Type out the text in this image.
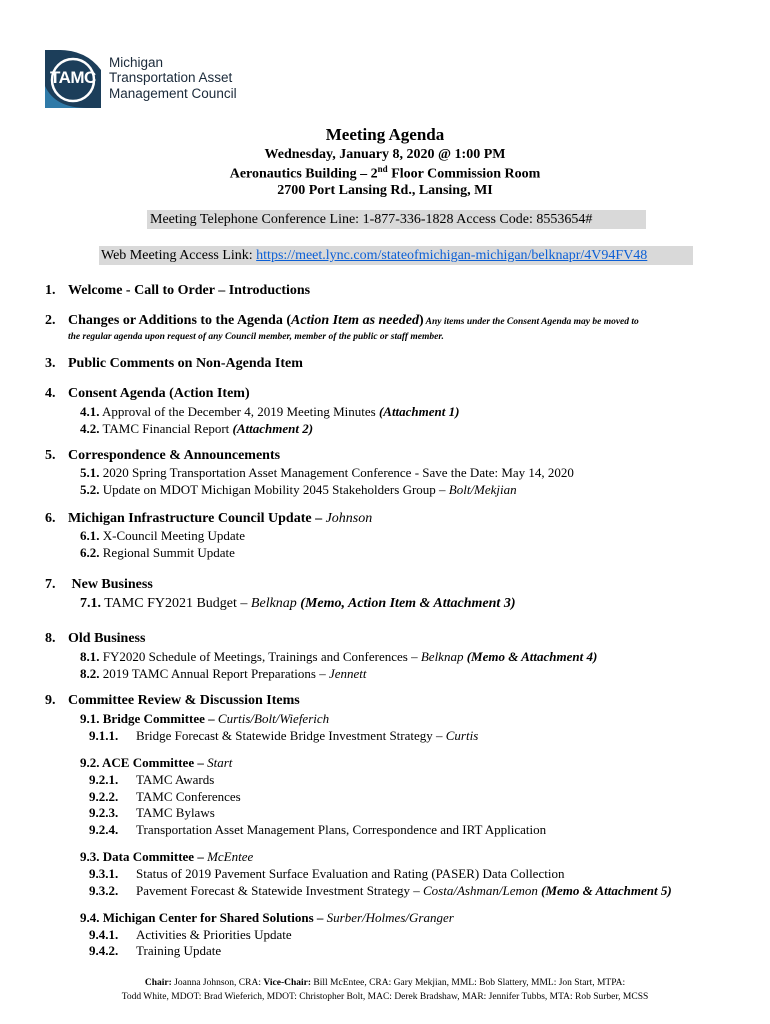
TAMC
Michigan
Transportation Asset
Management Council
Meeting Agenda
Wednesday, January 8, 2020 @ 1:00 PM
Aeronautics Building – 2nd Floor Commission Room
2700 Port Lansing Rd., Lansing, MI
Meeting Telephone Conference Line: 1-877-336-1828 Access Code: 8553654#
Web Meeting Access Link: https://meet.lync.com/stateofmichigan-michigan/belknapr/4V94FV48
1. Welcome - Call to Order – Introductions
2. Changes or Additions to the Agenda (Action Item as needed) Any items under the Consent Agenda may be moved to
the regular agenda upon request of any Council member, member of the public or staff member.
3. Public Comments on Non-Agenda Item
4. Consent Agenda (Action Item)
4.1. Approval of the December 4, 2019 Meeting Minutes (Attachment 1)
4.2. TAMC Financial Report (Attachment 2)
5. Correspondence & Announcements
5.1. 2020 Spring Transportation Asset Management Conference - Save the Date: May 14, 2020
5.2. Update on MDOT Michigan Mobility 2045 Stakeholders Group – Bolt/Mekjian
6. Michigan Infrastructure Council Update – Johnson
6.1. X-Council Meeting Update
6.2. Regional Summit Update
7. New Business
7.1. TAMC FY2021 Budget – Belknap (Memo, Action Item & Attachment 3)
8. Old Business
8.1. FY2020 Schedule of Meetings, Trainings and Conferences – Belknap (Memo & Attachment 4)
8.2. 2019 TAMC Annual Report Preparations – Jennett
9. Committee Review & Discussion Items
9.1. Bridge Committee – Curtis/Bolt/Wieferich
9.1.1. Bridge Forecast & Statewide Bridge Investment Strategy – Curtis
9.2. ACE Committee – Start
9.2.1. TAMC Awards
9.2.2. TAMC Conferences
9.2.3. TAMC Bylaws
9.2.4. Transportation Asset Management Plans, Correspondence and IRT Application
9.3. Data Committee – McEntee
9.3.1. Status of 2019 Pavement Surface Evaluation and Rating (PASER) Data Collection
9.3.2. Pavement Forecast & Statewide Investment Strategy – Costa/Ashman/Lemon (Memo & Attachment 5)
9.4. Michigan Center for Shared Solutions – Surber/Holmes/Granger
9.4.1. Activities & Priorities Update
9.4.2. Training Update
Chair: Joanna Johnson, CRA: Vice-Chair: Bill McEntee, CRA: Gary Mekjian, MML: Bob Slattery, MML: Jon Start, MTPA:
Todd White, MDOT: Brad Wieferich, MDOT: Christopher Bolt, MAC: Derek Bradshaw, MAR: Jennifer Tubbs, MTA: Rob Surber, MCSS
